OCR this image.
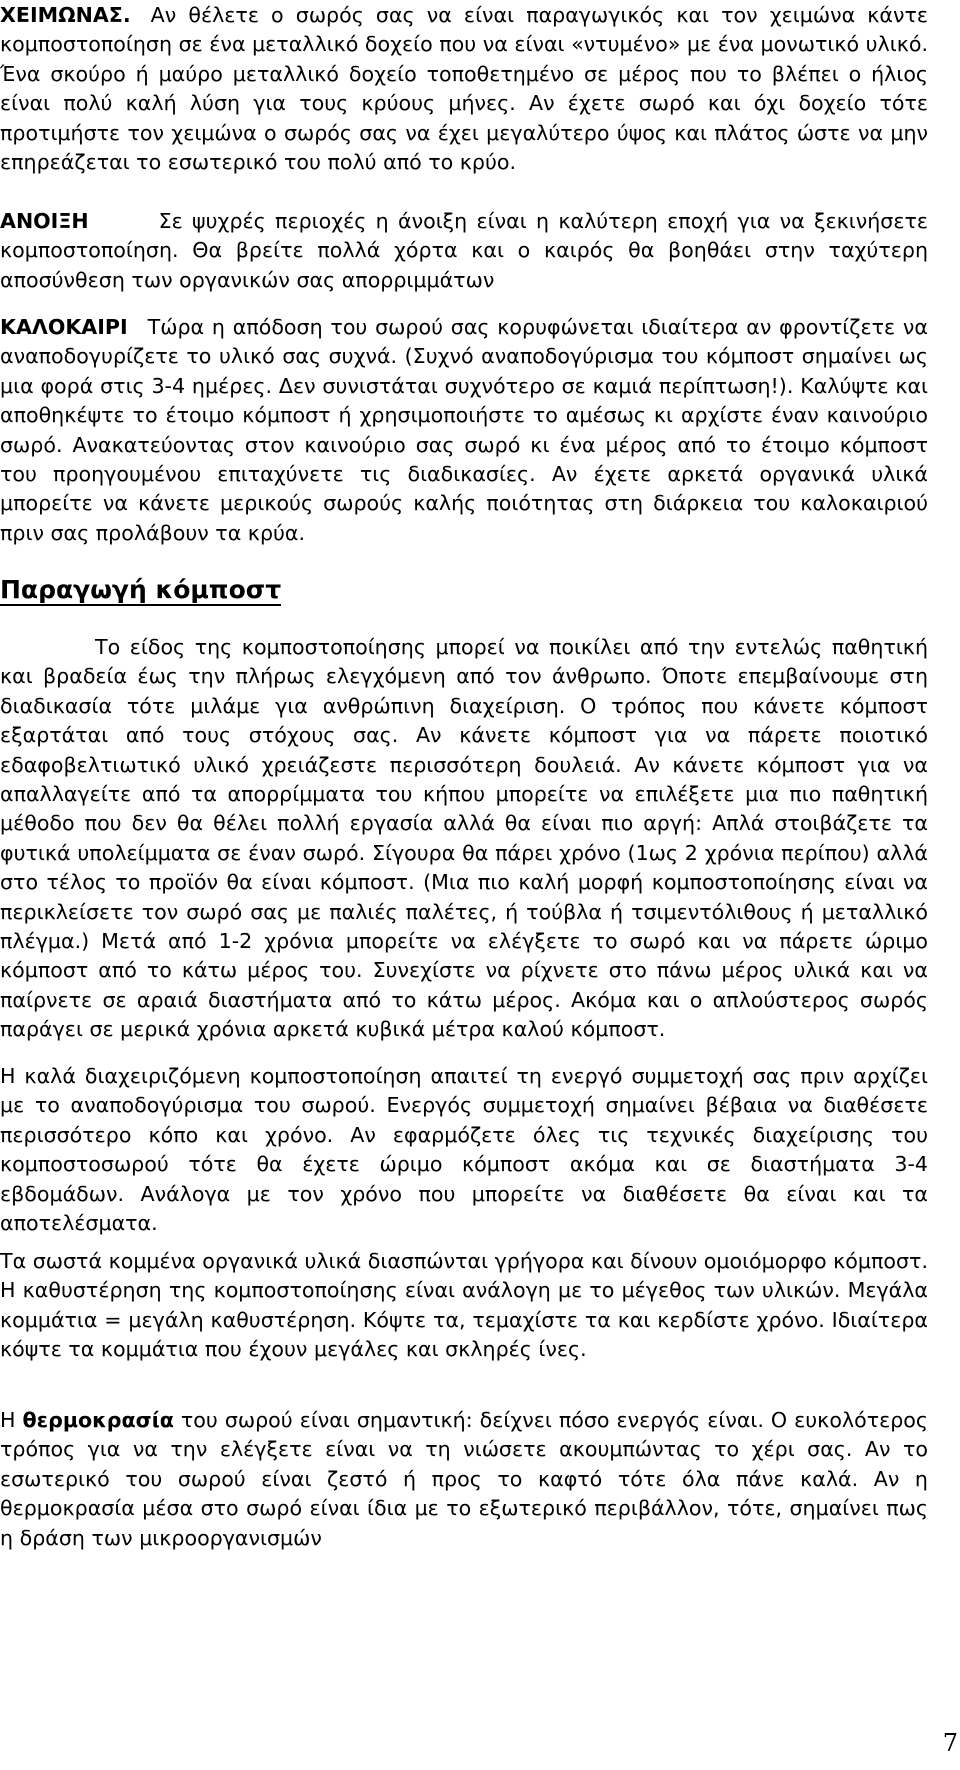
ΧΕΙΜΩΝΑΣ. Αν θέλετε ο σωρός σας να είναι παραγωγικός και τον χειμώνα κάντε κομποστοποίηση σε ένα μεταλλικό δοχείο που να είναι «ντυμένο» με ένα μονωτικό υλικό. Ένα σκούρο ή μαύρο μεταλλικό δοχείο τοποθετημένο σε μέρος που το βλέπει ο ήλιος είναι πολύ καλή λύση για τους κρύους μήνες. Αν έχετε σωρό και όχι δοχείο τότε προτιμήστε τον χειμώνα ο σωρός σας να έχει μεγαλύτερο ύψος και πλάτος ώστε να μην επηρεάζεται το εσωτερικό του πολύ από το κρύο.

ΑΝΟΙΞΗ	Σε ψυχρές περιοχές η άνοιξη είναι η καλύτερη εποχή για να ξεκινήσετε κομποστοποίηση. Θα βρείτε πολλά χόρτα και ο καιρός θα βοηθάει στην ταχύτερη αποσύνθεση των οργανικών σας απορριμμάτων

ΚΑΛΟΚΑΙΡΙ Τώρα η απόδοση του σωρού σας κορυφώνεται ιδιαίτερα αν φροντίζετε να αναποδογυρίζετε το υλικό σας συχνά. (Συχνό αναποδογύρισμα του κόμποστ σημαίνει ως μια φορά στις 3-4 ημέρες. Δεν συνιστάται συχνότερο σε καμιά περίπτωση!). Καλύψτε και αποθηκέψτε το έτοιμο κόμποστ ή χρησιμοποιήστε το αμέσως κι αρχίστε έναν καινούριο σωρό. Ανακατεύοντας στον καινούριο σας σωρό κι ένα μέρος από το έτοιμο κόμποστ του προηγουμένου επιταχύνετε τις διαδικασίες. Αν έχετε αρκετά οργανικά υλικά μπορείτε να κάνετε μερικούς σωρούς καλής ποιότητας στη διάρκεια του καλοκαιριού πριν σας προλάβουν τα κρύα.

Παραγωγή κόμποστ

Το είδος της κομποστοποίησης μπορεί να ποικίλει από την εντελώς παθητική και βραδεία έως την πλήρως ελεγχόμενη από τον άνθρωπο. Όποτε επεμβαίνουμε στη διαδικασία τότε μιλάμε για ανθρώπινη διαχείριση. Ο τρόπος που κάνετε κόμποστ εξαρτάται από τους στόχους σας. Αν κάνετε κόμποστ για να πάρετε ποιοτικό εδαφοβελτιωτικό υλικό χρειάζεστε περισσότερη δουλειά. Αν κάνετε κόμποστ για να απαλλαγείτε από τα απορρίμματα του κήπου μπορείτε να επιλέξετε μια πιο παθητική μέθοδο που δεν θα θέλει πολλή εργασία αλλά θα είναι πιο αργή: Απλά στοιβάζετε τα φυτικά υπολείμματα σε έναν σωρό. Σίγουρα θα πάρει χρόνο (1ως 2 χρόνια περίπου) αλλά στο τέλος το προϊόν θα είναι κόμποστ. (Μια πιο καλή μορφή κομποστοποίησης είναι να περικλείσετε τον σωρό σας με παλιές παλέτες, ή τούβλα ή τσιμεντόλιθους ή μεταλλικό πλέγμα.) Μετά από 1-2 χρόνια μπορείτε να ελέγξετε το σωρό και να πάρετε ώριμο κόμποστ από το κάτω μέρος του. Συνεχίστε να ρίχνετε στο πάνω μέρος υλικά και να παίρνετε σε αραιά διαστήματα από το κάτω μέρος. Ακόμα και ο απλούστερος σωρός παράγει σε μερικά χρόνια αρκετά κυβικά μέτρα καλού κόμποστ.

Η καλά διαχειριζόμενη κομποστοποίηση απαιτεί τη ενεργό συμμετοχή σας πριν αρχίζει με το αναποδογύρισμα του σωρού. Ενεργός συμμετοχή σημαίνει βέβαια να διαθέσετε περισσότερο κόπο και χρόνο. Αν εφαρμόζετε όλες τις τεχνικές διαχείρισης του κομποστοσωρού τότε θα έχετε ώριμο κόμποστ ακόμα και σε διαστήματα 3-4 εβδομάδων. Ανάλογα με τον χρόνο που μπορείτε να διαθέσετε θα είναι και τα αποτελέσματα.

Τα σωστά κομμένα οργανικά υλικά διασπώνται γρήγορα και δίνουν ομοιόμορφο κόμποστ. Η καθυστέρηση της κομποστοποίησης είναι ανάλογη με το μέγεθος των υλικών. Μεγάλα κομμάτια = μεγάλη καθυστέρηση. Κόψτε τα, τεμαχίστε τα και κερδίστε χρόνο. Ιδιαίτερα κόψτε τα κομμάτια που έχουν μεγάλες και σκληρές ίνες.

Η θερμοκρασία του σωρού είναι σημαντική: δείχνει πόσο ενεργός είναι. Ο ευκολότερος τρόπος για να την ελέγξετε είναι να τη νιώσετε ακουμπώντας το χέρι σας. Αν το εσωτερικό του σωρού είναι ζεστό ή προς το καφτό τότε όλα πάνε καλά. Αν η θερμοκρασία μέσα στο σωρό είναι ίδια με το εξωτερικό περιβάλλον, τότε, σημαίνει πως η δράση των μικροοργανισμών

7
